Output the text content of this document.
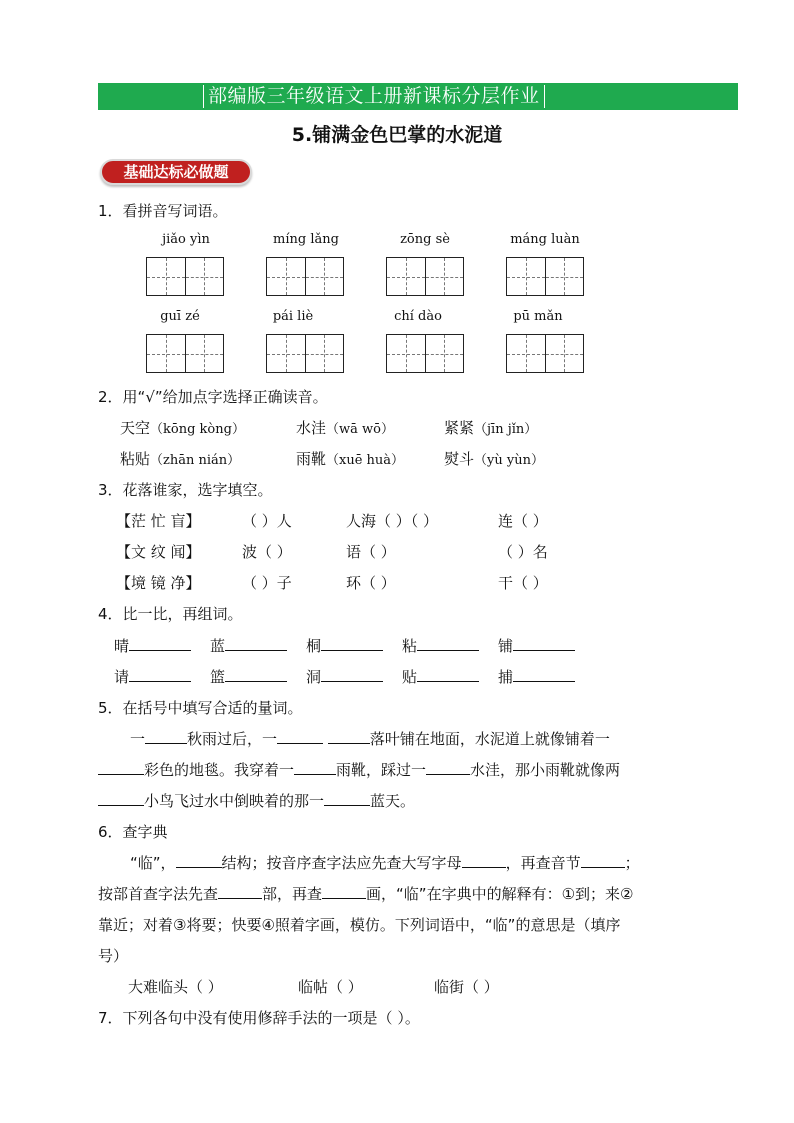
部编版三年级语文上册新课标分层作业
5.铺满金色巴掌的水泥道
基础达标必做题
1．看拼音写词语。
jiǎo yìn	míng lǎng	zōng sè	máng luàn
guī zé	pái liè	chí dào	pū mǎn
2．用“√”给加点字选择正确读音。
天空（kōng kòng）	水洼（wā wō）	紧紧（jīn jǐn）
粘贴（zhān nián）	雨靴（xuē huà）	熨斗（yù yùn）
3．花落谁家，选字填空。
【茫 忙 盲】	（ ）人	人海（ ）（ ）	连（ ）
【文 纹 闻】	波（ ）	语（ ）	（ ）名
【境 镜 净】	（ ）子	环（ ）	干（ ）
4．比一比，再组词。
晴	蓝	桐	粘	铺
请	篮	洞	贴	捕
5．在括号中填写合适的量词。
一	秋雨过后，一	落叶铺在地面，水泥道上就像铺着一
彩色的地毯。我穿着一	雨靴，踩过一	水洼，那小雨靴就像两
小鸟飞过水中倒映着的那一	蓝天。
6．查字典
“临”，	结构；按音序查字法应先查大写字母	，再查音节	；
按部首查字法先查	部，再查	画，“临”在字典中的解释有：①到；来②
靠近；对着③将要；快要④照着字画，模仿。下列词语中，“临”的意思是（填序
号）
大难临头（ ）	临帖（ ）	临街（ ）
7．下列各句中没有使用修辞手法的一项是（ ）。
